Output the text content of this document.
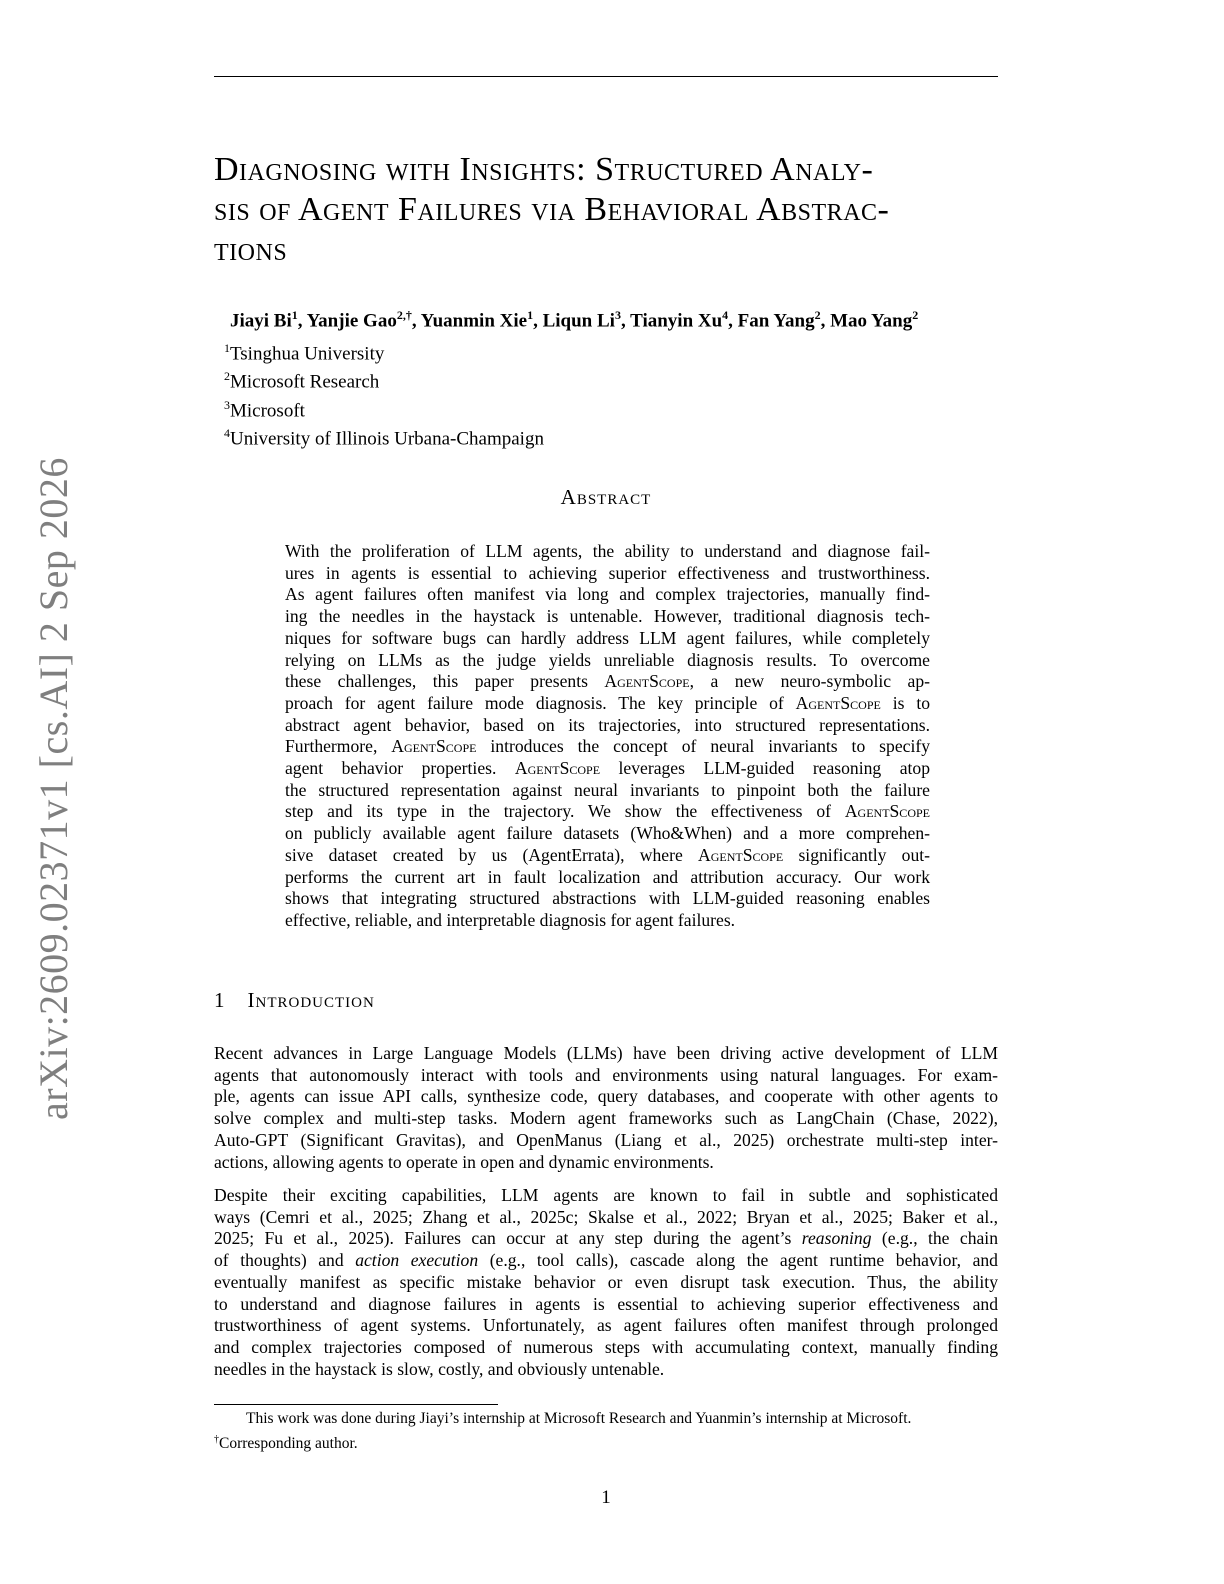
arXiv:2609.02371v1 [cs.AI] 2 Sep 2026
Diagnosing with Insights: Structured Analy-
sis of Agent Failures via Behavioral Abstrac-
tions
Jiayi Bi$^1$, Yanjie Gao$^{2,\dagger}$, Yuanmin Xie$^1$, Liqun Li$^3$, Tianyin Xu$^4$, Fan Yang$^2$, Mao Yang$^2$
$^1$Tsinghua University
$^2$Microsoft Research
$^3$Microsoft
$^4$University of Illinois Urbana-Champaign
Abstract
With the proliferation of LLM agents, the ability to understand and diagnose fail-
ures in agents is essential to achieving superior effectiveness and trustworthiness.
As agent failures often manifest via long and complex trajectories, manually find-
ing the needles in the haystack is untenable. However, traditional diagnosis tech-
niques for software bugs can hardly address LLM agent failures, while completely
relying on LLMs as the judge yields unreliable diagnosis results. To overcome
these challenges, this paper presents AgentScope, a new neuro-symbolic ap-
proach for agent failure mode diagnosis. The key principle of AgentScope is to
abstract agent behavior, based on its trajectories, into structured representations.
Furthermore, AgentScope introduces the concept of neural invariants to specify
agent behavior properties. AgentScope leverages LLM-guided reasoning atop
the structured representation against neural invariants to pinpoint both the failure
step and its type in the trajectory. We show the effectiveness of AgentScope
on publicly available agent failure datasets (Who&When) and a more comprehen-
sive dataset created by us (AgentErrata), where AgentScope significantly out-
performs the current art in fault localization and attribution accuracy. Our work
shows that integrating structured abstractions with LLM-guided reasoning enables
effective, reliable, and interpretable diagnosis for agent failures.
1 Introduction
Recent advances in Large Language Models (LLMs) have been driving active development of LLM
agents that autonomously interact with tools and environments using natural languages. For exam-
ple, agents can issue API calls, synthesize code, query databases, and cooperate with other agents to
solve complex and multi-step tasks. Modern agent frameworks such as LangChain (Chase, 2022),
Auto-GPT (Significant Gravitas), and OpenManus (Liang et al., 2025) orchestrate multi-step inter-
actions, allowing agents to operate in open and dynamic environments.
Despite their exciting capabilities, LLM agents are known to fail in subtle and sophisticated
ways (Cemri et al., 2025; Zhang et al., 2025c; Skalse et al., 2022; Bryan et al., 2025; Baker et al.,
2025; Fu et al., 2025). Failures can occur at any step during the agent’s reasoning (e.g., the chain
of thoughts) and action execution (e.g., tool calls), cascade along the agent runtime behavior, and
eventually manifest as specific mistake behavior or even disrupt task execution. Thus, the ability
to understand and diagnose failures in agents is essential to achieving superior effectiveness and
trustworthiness of agent systems. Unfortunately, as agent failures often manifest through prolonged
and complex trajectories composed of numerous steps with accumulating context, manually finding
needles in the haystack is slow, costly, and obviously untenable.
This work was done during Jiayi’s internship at Microsoft Research and Yuanmin’s internship at Microsoft.
†Corresponding author.
1
